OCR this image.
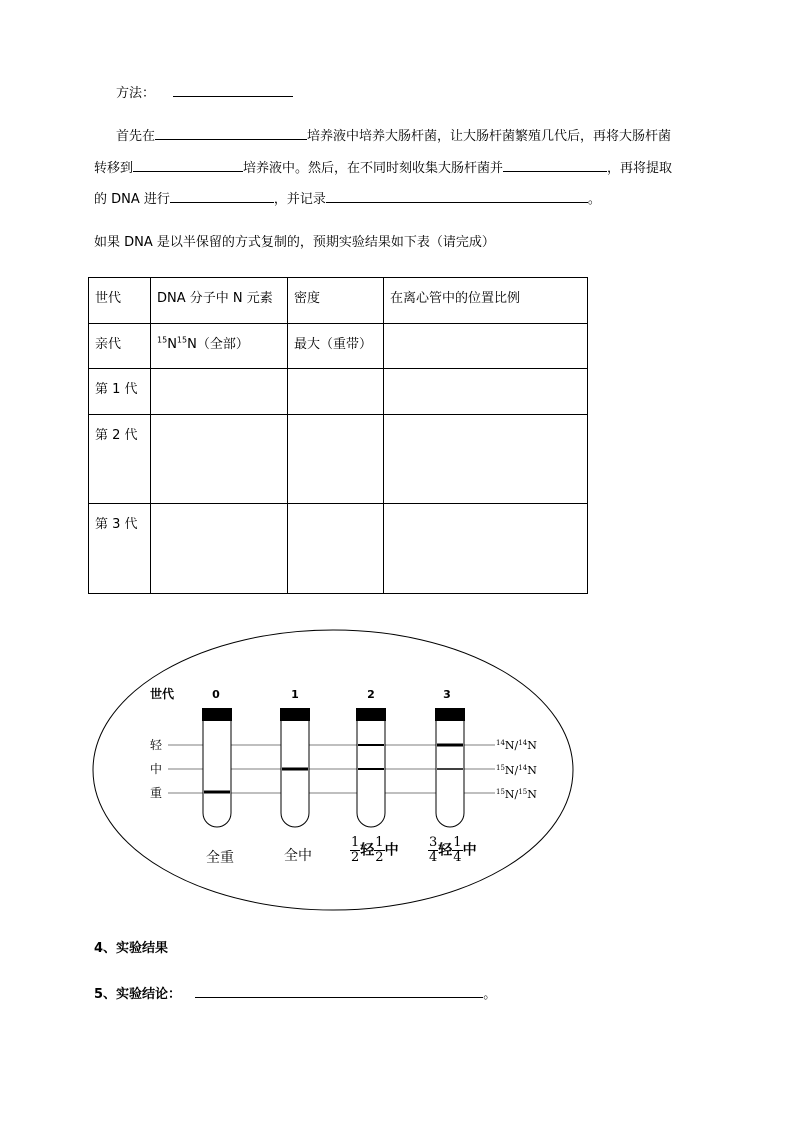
方法：
首先在	培养液中培养大肠杆菌，让大肠杆菌繁殖几代后，再将大肠杆菌
转移到	培养液中。然后，在不同时刻收集大肠杆菌并	，再将提取
的 DNA 进行	，并记录	。
如果 DNA 是以半保留的方式复制的，预期实验结果如下表（请完成）
世代	DNA 分子中 N 元素	密度	在离心管中的位置比例
亲代	$^{15}N^{15}N$（全部）	最大（重带）	
第 1 代			
第 2 代			
第 3 代			
世代	0	1	2	3
轻
中
重
$^{14}$N/$^{14}$N
$^{15}$N/$^{14}$N
$^{15}$N/$^{15}$N
全重	全中	$\frac{1}{2}$ 轻 $\frac{1}{2}$ 中 $\frac{3}{4}$ 轻 $\frac{1}{4}$ 中
4、实验结果
5、实验结论：	。
